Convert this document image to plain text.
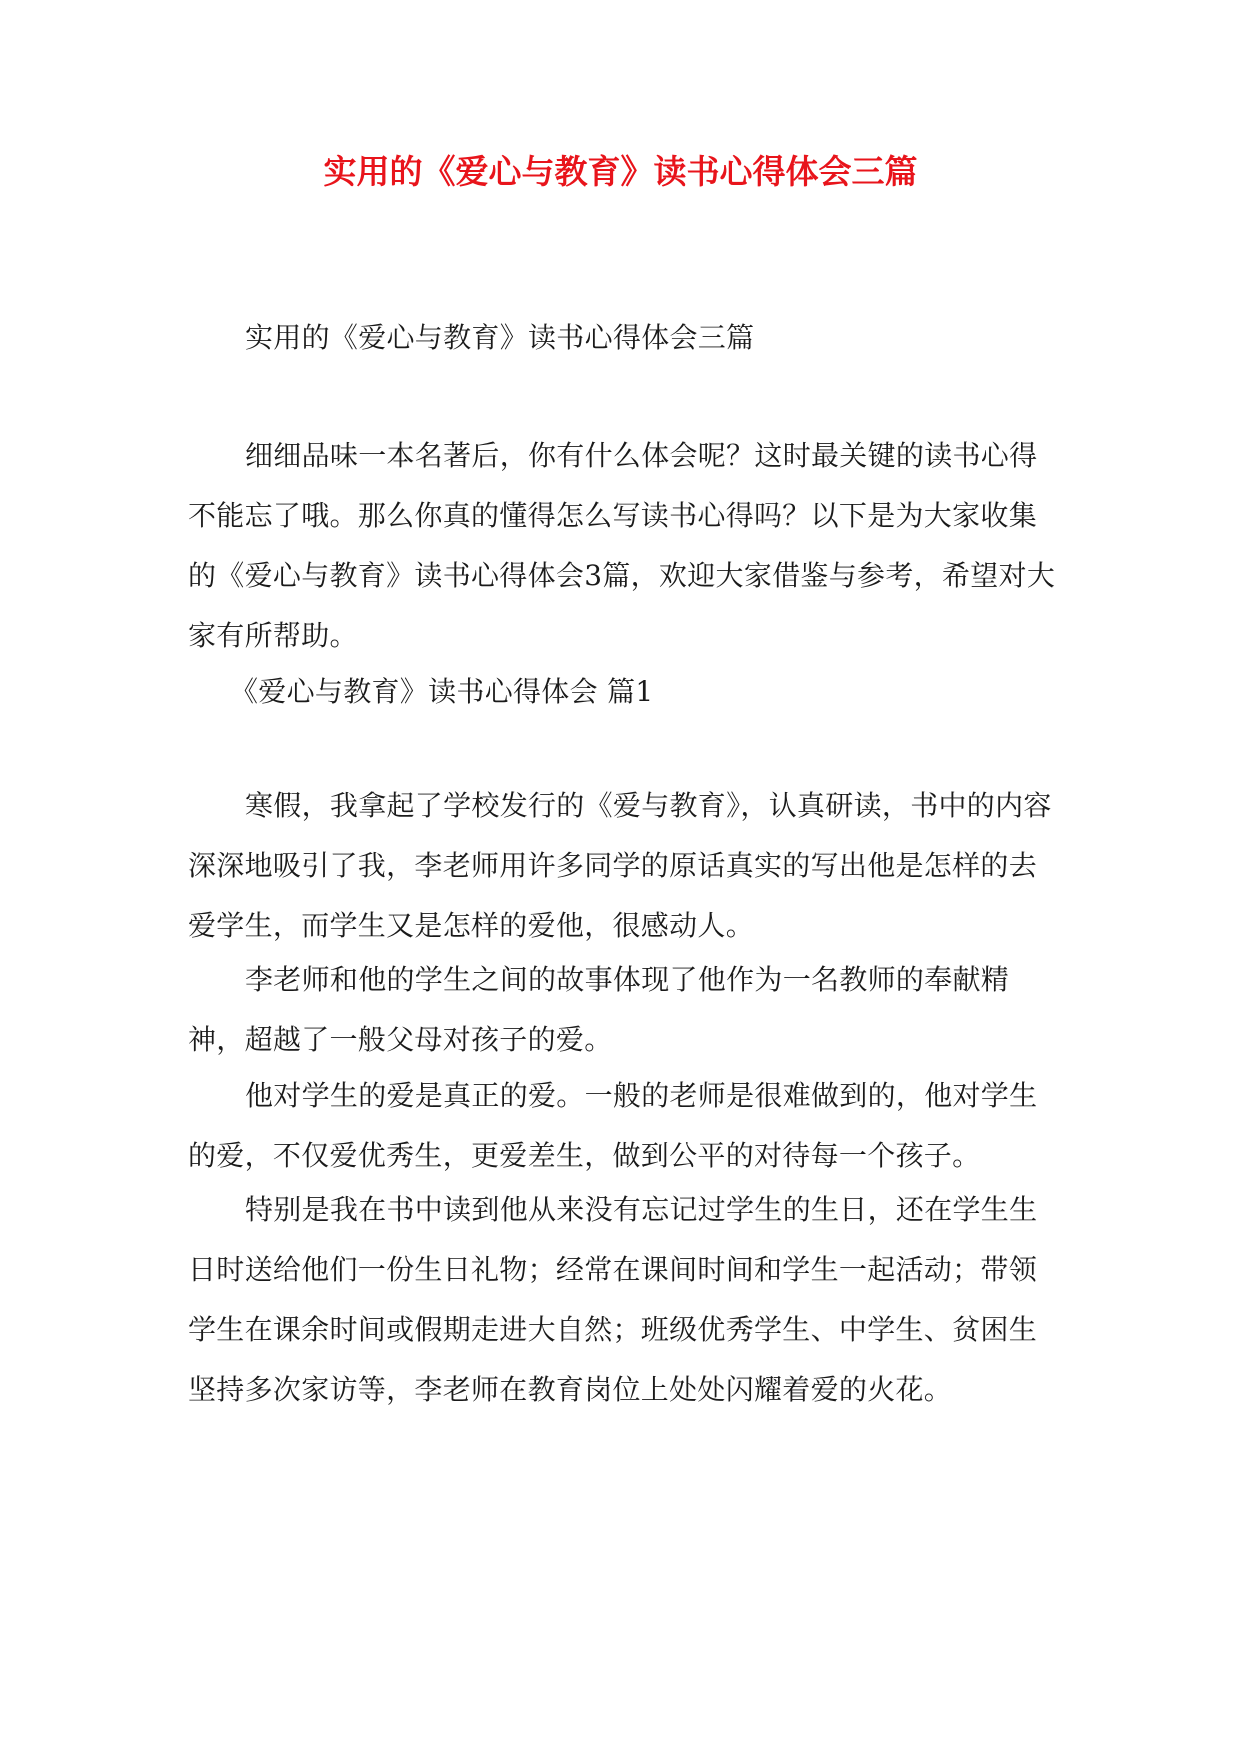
实用的《爱心与教育》读书心得体会三篇

实用的《爱心与教育》读书心得体会三篇

细细品味一本名著后，你有什么体会呢？这时最关键的读书心得不能忘了哦。那么你真的懂得怎么写读书心得吗？以下是为大家收集的《爱心与教育》读书心得体会3篇，欢迎大家借鉴与参考，希望对大家有所帮助。

《爱心与教育》读书心得体会 篇1

寒假，我拿起了学校发行的《爱与教育》，认真研读，书中的内容深深地吸引了我，李老师用许多同学的原话真实的写出他是怎样的去爱学生，而学生又是怎样的爱他，很感动人。

李老师和他的学生之间的故事体现了他作为一名教师的奉献精神，超越了一般父母对孩子的爱。

他对学生的爱是真正的爱。一般的老师是很难做到的，他对学生的爱，不仅爱优秀生，更爱差生，做到公平的对待每一个孩子。

特别是我在书中读到他从来没有忘记过学生的生日，还在学生生日时送给他们一份生日礼物；经常在课间时间和学生一起活动；带领学生在课余时间或假期走进大自然；班级优秀学生、中学生、贫困生坚持多次家访等，李老师在教育岗位上处处闪耀着爱的火花。
